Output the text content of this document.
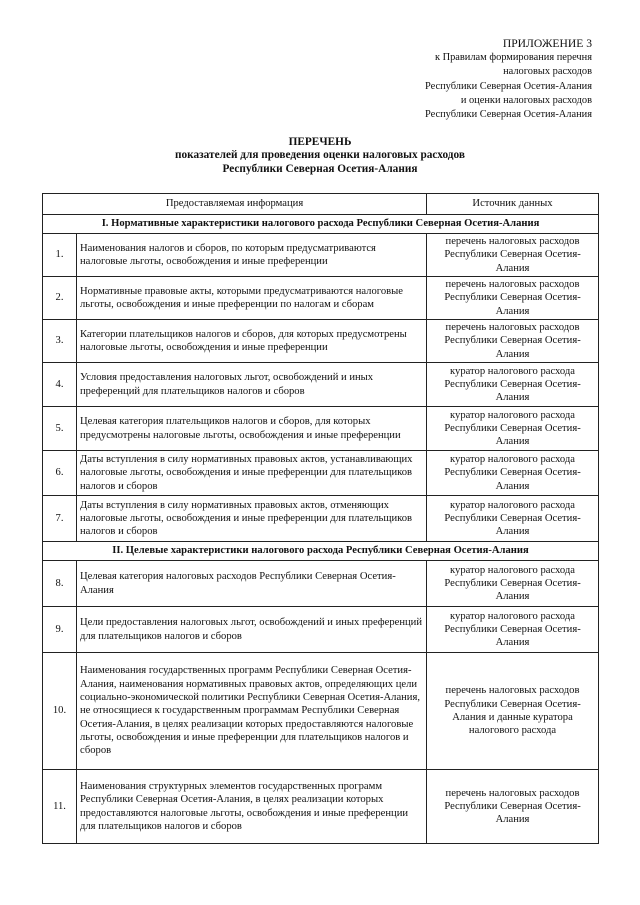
ПРИЛОЖЕНИЕ 3
к Правилам формирования перечня
налоговых расходов
Республики Северная Осетия-Алания
и оценки налоговых расходов
Республики Северная Осетия-Алания
ПЕРЕЧЕНЬ
показателей для проведения оценки налоговых расходов
Республики Северная Осетия-Алания
Предоставляемая информация		Источник данных
I. Нормативные характеристики налогового расхода Республики Северная Осетия-Алания		
1.	Наименования налогов и сборов, по которым предусматриваются налоговые льготы, освобождения и иные преференции	перечень налоговых расходов Республики Северная Осетия-Алания
2.	Нормативные правовые акты, которыми предусматриваются налоговые льготы, освобождения и иные преференции по налогам и сборам	перечень налоговых расходов Республики Северная Осетия-Алания
3.	Категории плательщиков налогов и сборов, для которых предусмотрены налоговые льготы, освобождения и иные преференции	перечень налоговых расходов Республики Северная Осетия-Алания
4.	Условия предоставления налоговых льгот, освобождений и иных преференций для плательщиков налогов и сборов	куратор налогового расхода Республики Северная Осетия-Алания
5.	Целевая категория плательщиков налогов и сборов, для которых предусмотрены налоговые льготы, освобождения и иные преференции	куратор налогового расхода Республики Северная Осетия-Алания
6.	Даты вступления в силу нормативных правовых актов, устанавливающих налоговые льготы, освобождения и иные преференции для плательщиков налогов и сборов	куратор налогового расхода Республики Северная Осетия-Алания
7.	Даты вступления в силу нормативных правовых актов, отменяющих налоговые льготы, освобождения и иные преференции для плательщиков налогов и сборов	куратор налогового расхода Республики Северная Осетия-Алания
II. Целевые характеристики налогового расхода Республики Северная Осетия-Алания		
8.	Целевая категория налоговых расходов Республики Северная Осетия-Алания	куратор налогового расхода Республики Северная Осетия-Алания
9.	Цели предоставления налоговых льгот, освобождений и иных преференций для плательщиков налогов и сборов	куратор налогового расхода Республики Северная Осетия-Алания
10.	Наименования государственных программ Республики Северная Осетия-Алания, наименования нормативных правовых актов, определяющих цели социально-экономической политики Республики Северная Осетия-Алания, не относящиеся к государственным программам Республики Северная Осетия-Алания, в целях реализации которых предоставляются налоговые льготы, освобождения и иные преференции для плательщиков налогов и сборов	перечень налоговых расходов Республики Северная Осетия-Алания и данные куратора налогового расхода
11.	Наименования структурных элементов государственных программ Республики Северная Осетия-Алания, в целях реализации которых предоставляются налоговые льготы, освобождения и иные преференции для плательщиков налогов и сборов	перечень налоговых расходов Республики Северная Осетия-Алания
